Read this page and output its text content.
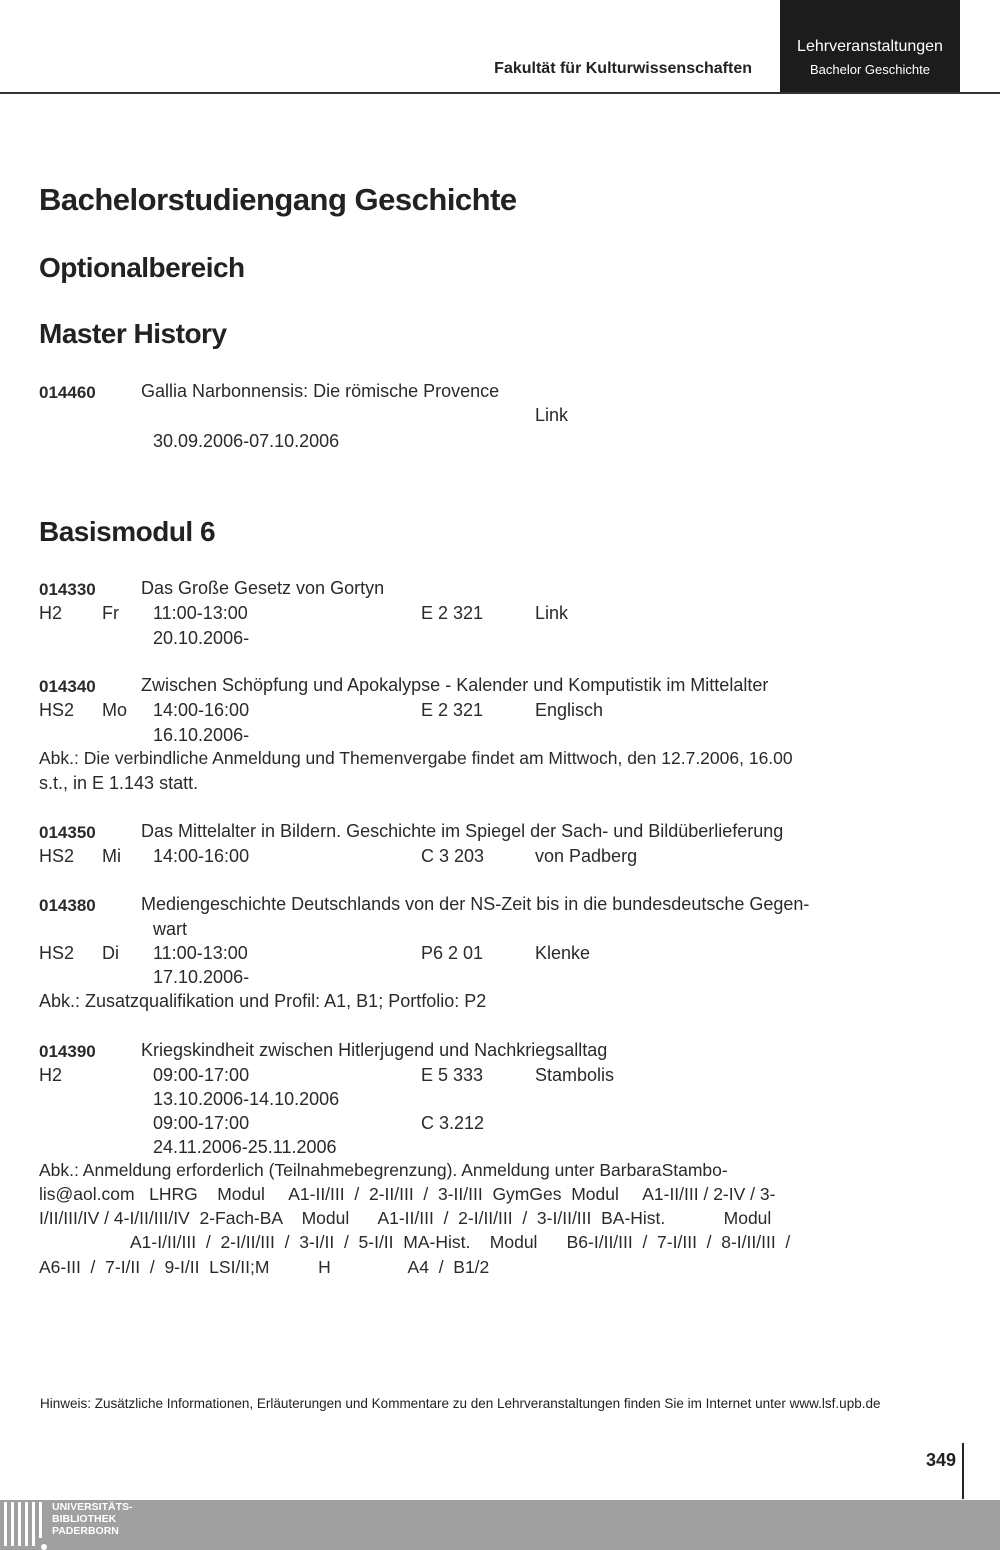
Fakultät für Kulturwissenschaften
Lehrveranstaltungen
Bachelor Geschichte
Bachelorstudiengang Geschichte
Optionalbereich
Master History
014460	Gallia Narbonnensis: Die römische Provence
Link
30.09.2006-07.10.2006
Basismodul 6
014330	Das Große Gesetz von Gortyn
H2 Fr 11:00-13:00	E 2 321	Link
20.10.2006-
014340	Zwischen Schöpfung und Apokalypse - Kalender und Komputistik im Mittelalter
HS2 Mo 14:00-16:00	E 2 321	Englisch
16.10.2006-
Abk.: Die verbindliche Anmeldung und Themenvergabe findet am Mittwoch, den 12.7.2006, 16.00
s.t., in E 1.143 statt.
014350	Das Mittelalter in Bildern. Geschichte im Spiegel der Sach- und Bildüberlieferung
HS2 Mi 14:00-16:00	C 3 203	von Padberg
014380	Mediengeschichte Deutschlands von der NS-Zeit bis in die bundesdeutsche Gegen-
wart
HS2 Di 11:00-13:00	P6 2 01	Klenke
17.10.2006-
Abk.: Zusatzqualifikation und Profil: A1, B1; Portfolio: P2
014390	Kriegskindheit zwischen Hitlerjugend und Nachkriegsalltag
H2	09:00-17:00	E 5 333	Stambolis
13.10.2006-14.10.2006
09:00-17:00	C 3.212
24.11.2006-25.11.2006
Abk.: Anmeldung erforderlich (Teilnahmebegrenzung). Anmeldung unter BarbaraStambo-
lis@aol.com   LHRG    Modul     A1-II/III  /  2-II/III  /  3-II/III  GymGes  Modul     A1-II/III / 2-IV / 3-
I/II/III/IV / 4-I/II/III/IV  2-Fach-BA    Modul      A1-II/III  /  2-I/II/III  /  3-I/II/III  BA-Hist.            Modul
A1-I/II/III  /  2-I/II/III  /  3-I/II  /  5-I/II  MA-Hist.    Modul      B6-I/II/III  /  7-I/III  /  8-I/II/III  /
A6-III  /  7-I/II  /  9-I/II  LSI/II;M          H                A4  /  B1/2
Hinweis: Zusätzliche Informationen, Erläuterungen und Kommentare zu den Lehrveranstaltungen finden Sie im Internet unter www.lsf.upb.de
349
UNIVERSITÄTS-
BIBLIOTHEK
PADERBORN
